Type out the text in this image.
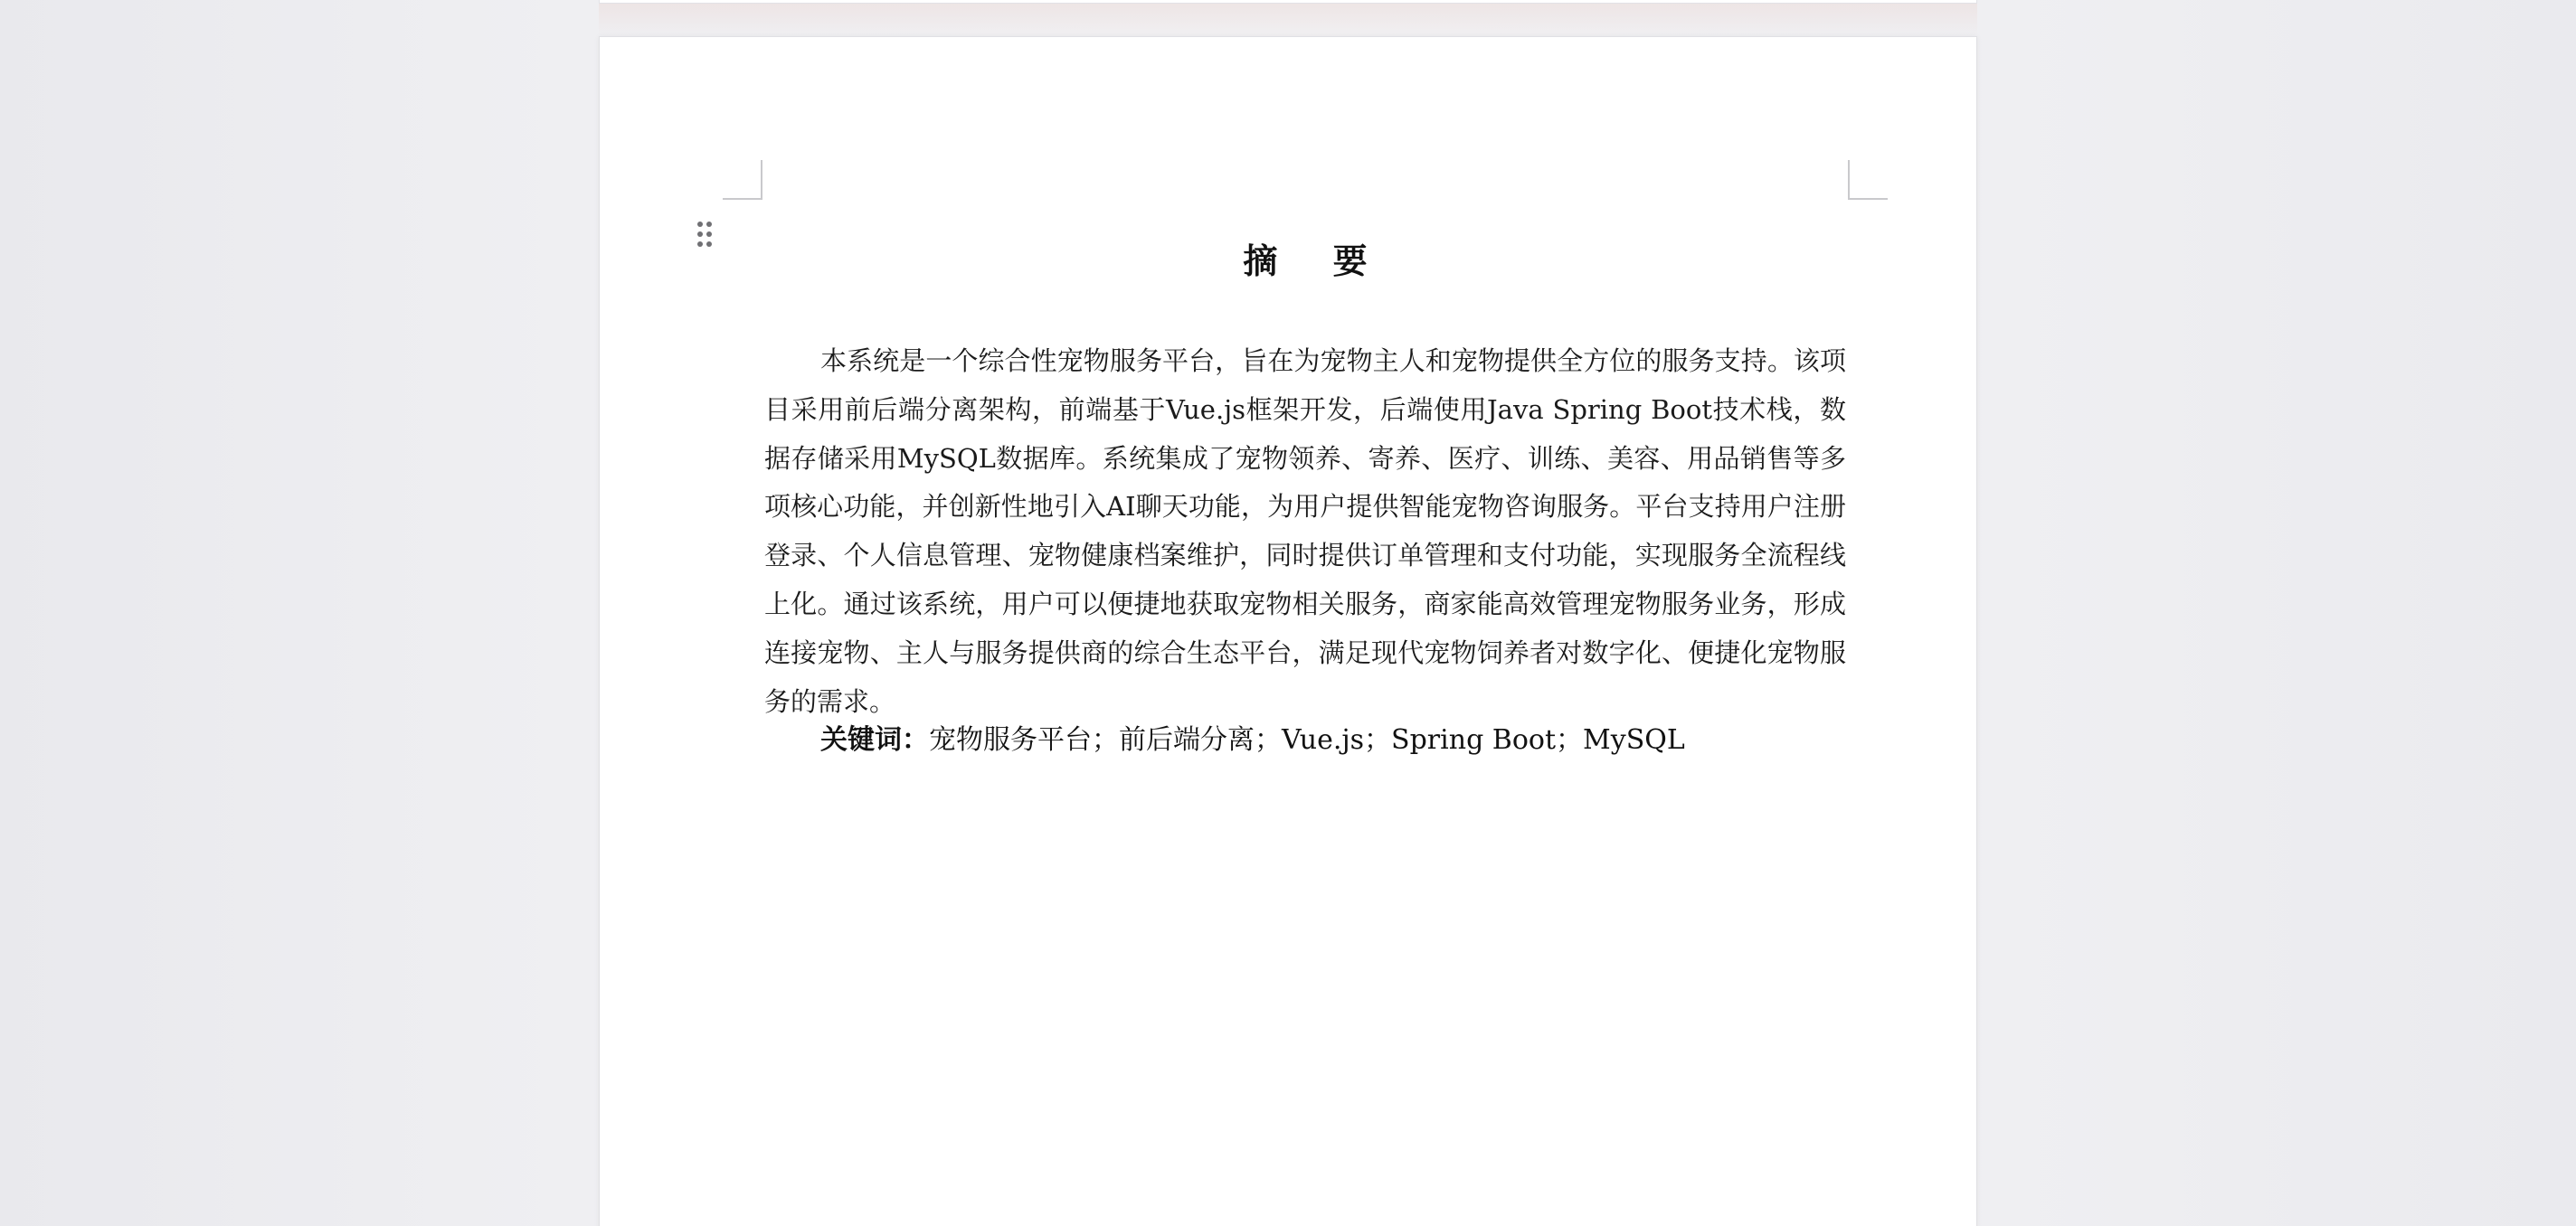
摘 要

本系统是一个综合性宠物服务平台，旨在为宠物主人和宠物提供全方位的服务支持。该项目采用前后端分离架构，前端基于Vue.js框架开发，后端使用Java Spring Boot技术栈，数据存储采用MySQL数据库。系统集成了宠物领养、寄养、医疗、训练、美容、用品销售等多项核心功能，并创新性地引入AI聊天功能，为用户提供智能宠物咨询服务。平台支持用户注册登录、个人信息管理、宠物健康档案维护，同时提供订单管理和支付功能，实现服务全流程线上化。通过该系统，用户可以便捷地获取宠物相关服务，商家能高效管理宠物服务业务，形成连接宠物、主人与服务提供商的综合生态平台，满足现代宠物饲养者对数字化、便捷化宠物服务的需求。

关键词：宠物服务平台；前后端分离；Vue.js；Spring Boot；MySQL
